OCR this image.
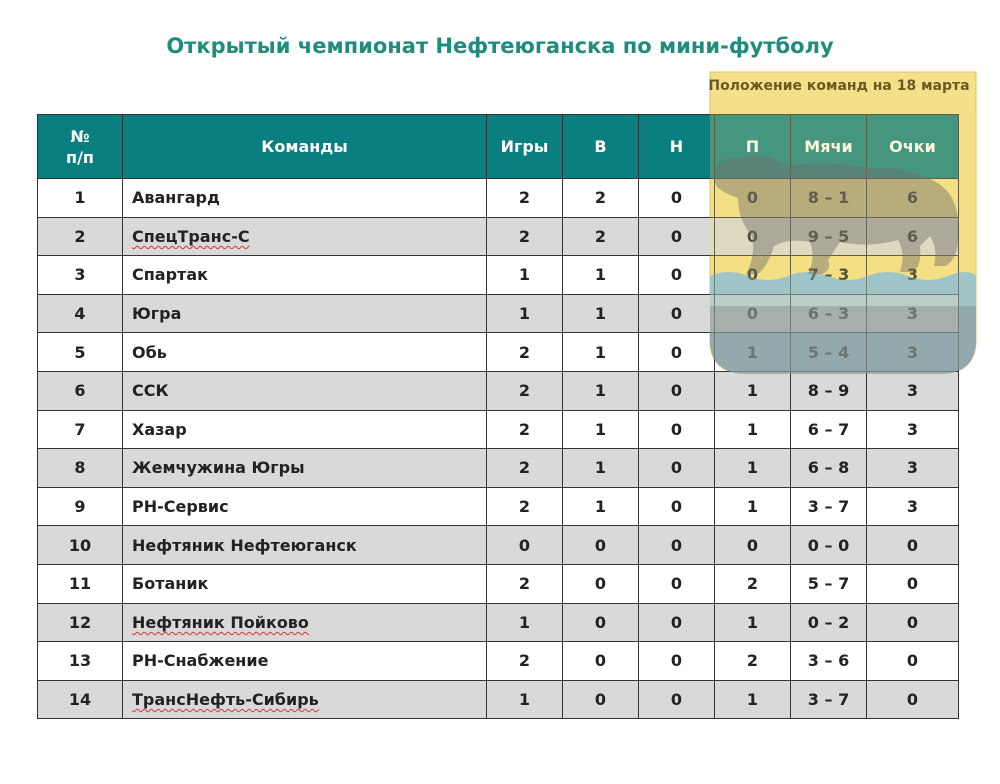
Открытый чемпионат Нефтеюганска по мини-футболу
Положение команд на 18 марта
№
п/п	Команды	Игры	В	Н	П	Мячи	Очки
1	Авангард	2	2	0	0	8 – 1	6
2	СпецТранс-С	2	2	0	0	9 – 5	6
3	Спартак	1	1	0	0	7 – 3	3
4	Югра	1	1	0	0	6 – 3	3
5	Обь	2	1	0	1	5 – 4	3
6	ССК	2	1	0	1	8 – 9	3
7	Хазар	2	1	0	1	6 – 7	3
8	Жемчужина Югры	2	1	0	1	6 – 8	3
9	РН-Сервис	2	1	0	1	3 – 7	3
10	Нефтяник Нефтеюганск	0	0	0	0	0 – 0	0
11	Ботаник	2	0	0	2	5 – 7	0
12	Нефтяник Пойково	1	0	0	1	0 – 2	0
13	РН-Снабжение	2	0	0	2	3 – 6	0
14	ТрансНефть-Сибирь	1	0	0	1	3 – 7	0
